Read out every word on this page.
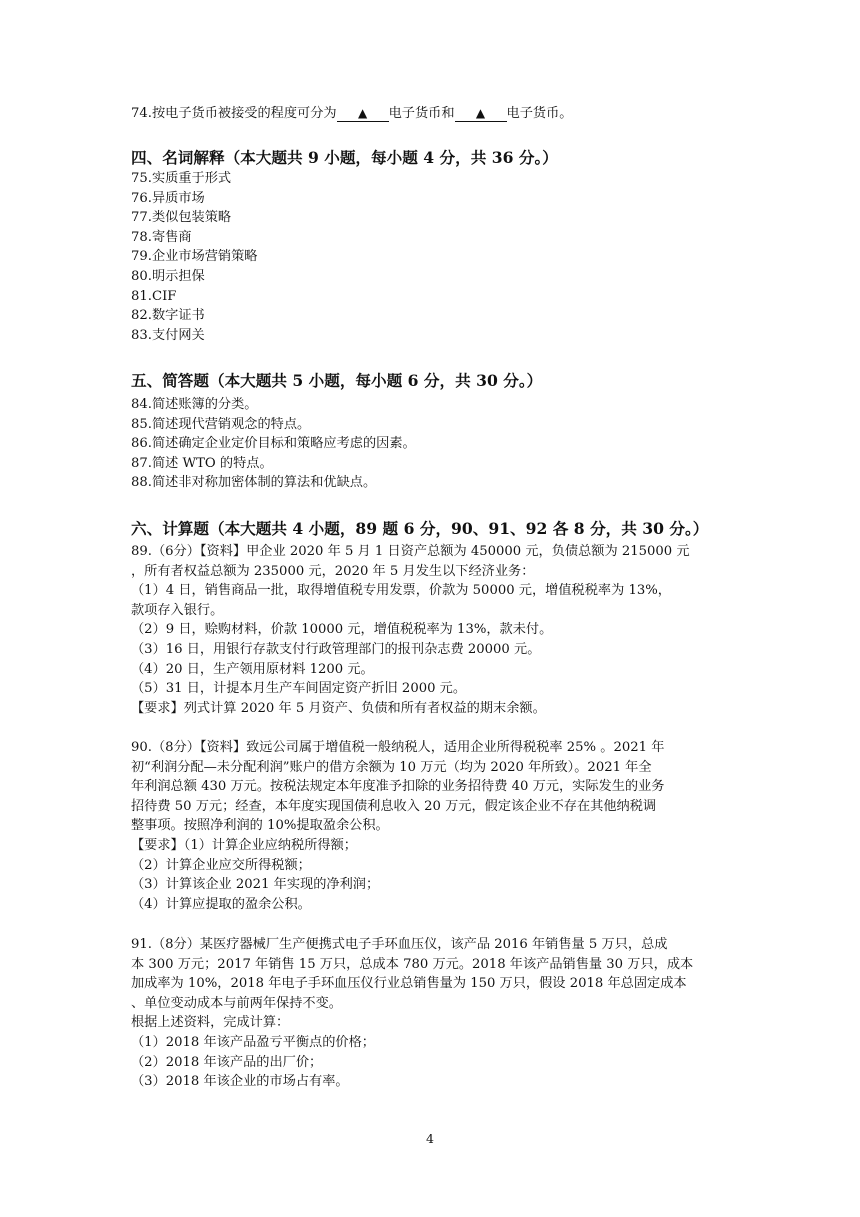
74.按电子货币被接受的程度可分为 ▲ 电子货币和 ▲ 电子货币。
四、名词解释（本大题共 9 小题，每小题 4 分，共 36 分。）
75.实质重于形式
76.异质市场
77.类似包装策略
78.寄售商
79.企业市场营销策略
80.明示担保
81.CIF
82.数字证书
83.支付网关
五、简答题（本大题共 5 小题，每小题 6 分，共 30 分。）
84.简述账簿的分类。
85.简述现代营销观念的特点。
86.简述确定企业定价目标和策略应考虑的因素。
87.简述 WTO 的特点。
88.简述非对称加密体制的算法和优缺点。
六、计算题（本大题共 4 小题，89 题 6 分，90、91、92 各 8 分，共 30 分。）
89.（6分）【资料】甲企业 2020 年 5 月 1 日资产总额为 450000 元，负债总额为 215000 元
，所有者权益总额为 235000 元，2020 年 5 月发生以下经济业务：
（1）4 日，销售商品一批，取得增值税专用发票，价款为 50000 元，增值税税率为 13%，
款项存入银行。
（2）9 日，赊购材料，价款 10000 元，增值税税率为 13%，款未付。
（3）16 日，用银行存款支付行政管理部门的报刊杂志费 20000 元。
（4）20 日，生产领用原材料 1200 元。
（5）31 日，计提本月生产车间固定资产折旧 2000 元。
【要求】列式计算 2020 年 5 月资产、负债和所有者权益的期末余额。
90.（8分）【资料】致远公司属于增值税一般纳税人，适用企业所得税税率 25% 。2021 年
初“利润分配—未分配利润”账户的借方余额为 10 万元（均为 2020 年所致）。2021 年全
年利润总额 430 万元。按税法规定本年度准予扣除的业务招待费 40 万元，实际发生的业务
招待费 50 万元；经查，本年度实现国债利息收入 20 万元，假定该企业不存在其他纳税调
整事项。按照净利润的 10%提取盈余公积。
【要求】（1）计算企业应纳税所得额；
（2）计算企业应交所得税额；
（3）计算该企业 2021 年实现的净利润；
（4）计算应提取的盈余公积。
91.（8分）某医疗器械厂生产便携式电子手环血压仪，该产品 2016 年销售量 5 万只，总成
本 300 万元；2017 年销售 15 万只，总成本 780 万元。2018 年该产品销售量 30 万只，成本
加成率为 10%，2018 年电子手环血压仪行业总销售量为 150 万只，假设 2018 年总固定成本
、单位变动成本与前两年保持不变。
根据上述资料，完成计算：
（1）2018 年该产品盈亏平衡点的价格；
（2）2018 年该产品的出厂价；
（3）2018 年该企业的市场占有率。
4
